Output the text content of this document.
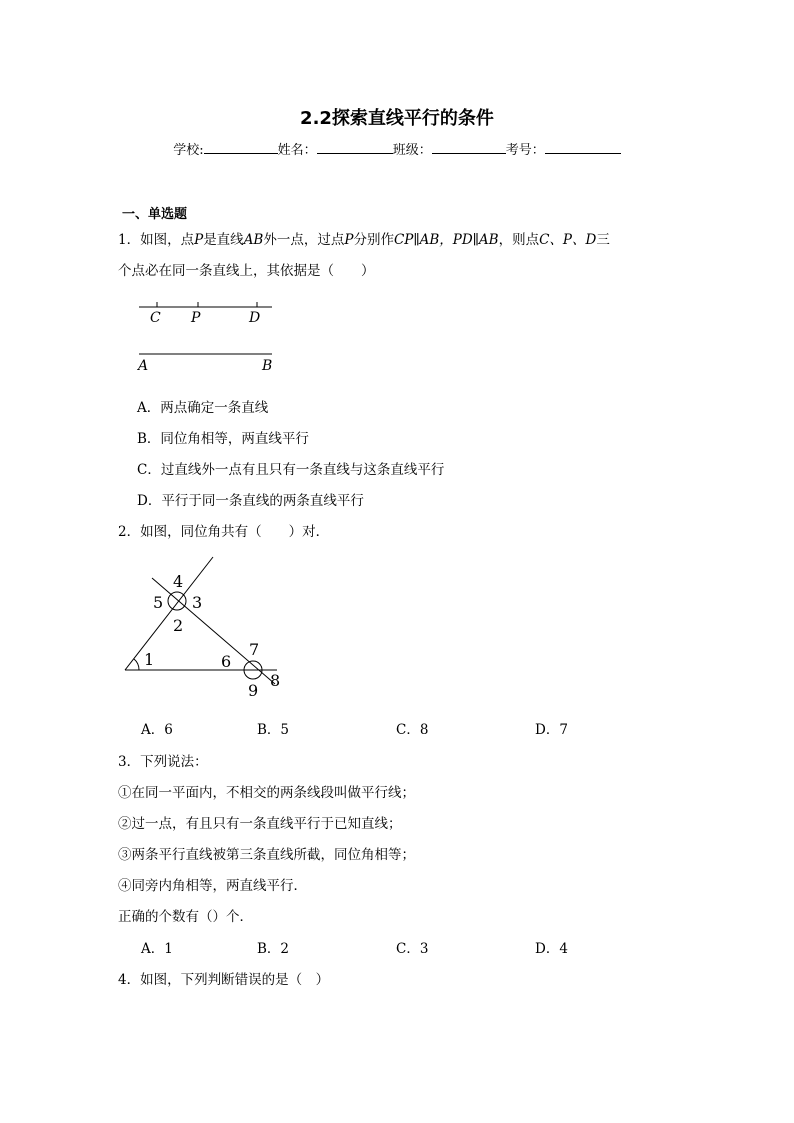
2.2探索直线平行的条件
学校:	姓名：	班级：	考号：
一、单选题
1．如图，点P是直线AB外一点，过点P分别作CP∥AB，PD∥AB，则点C、P、D三
个点必在同一条直线上，其依据是（　　）
C P	D
A	B
A．两点确定一条直线
B．同位角相等，两直线平行
C．过直线外一点有且只有一条直线与这条直线平行
D．平行于同一条直线的两条直线平行
2．如图，同位角共有（　　）对．
4
5 3
2
1	6
7
9
8
A．6	B．5	C．8	D．7
3．下列说法：
①在同一平面内，不相交的两条线段叫做平行线；
②过一点，有且只有一条直线平行于已知直线；
③两条平行直线被第三条直线所截，同位角相等；
④同旁内角相等，两直线平行．
正确的个数有（）个．
A．1	B．2	C．3	D．4
4．如图，下列判断错误的是（　）
